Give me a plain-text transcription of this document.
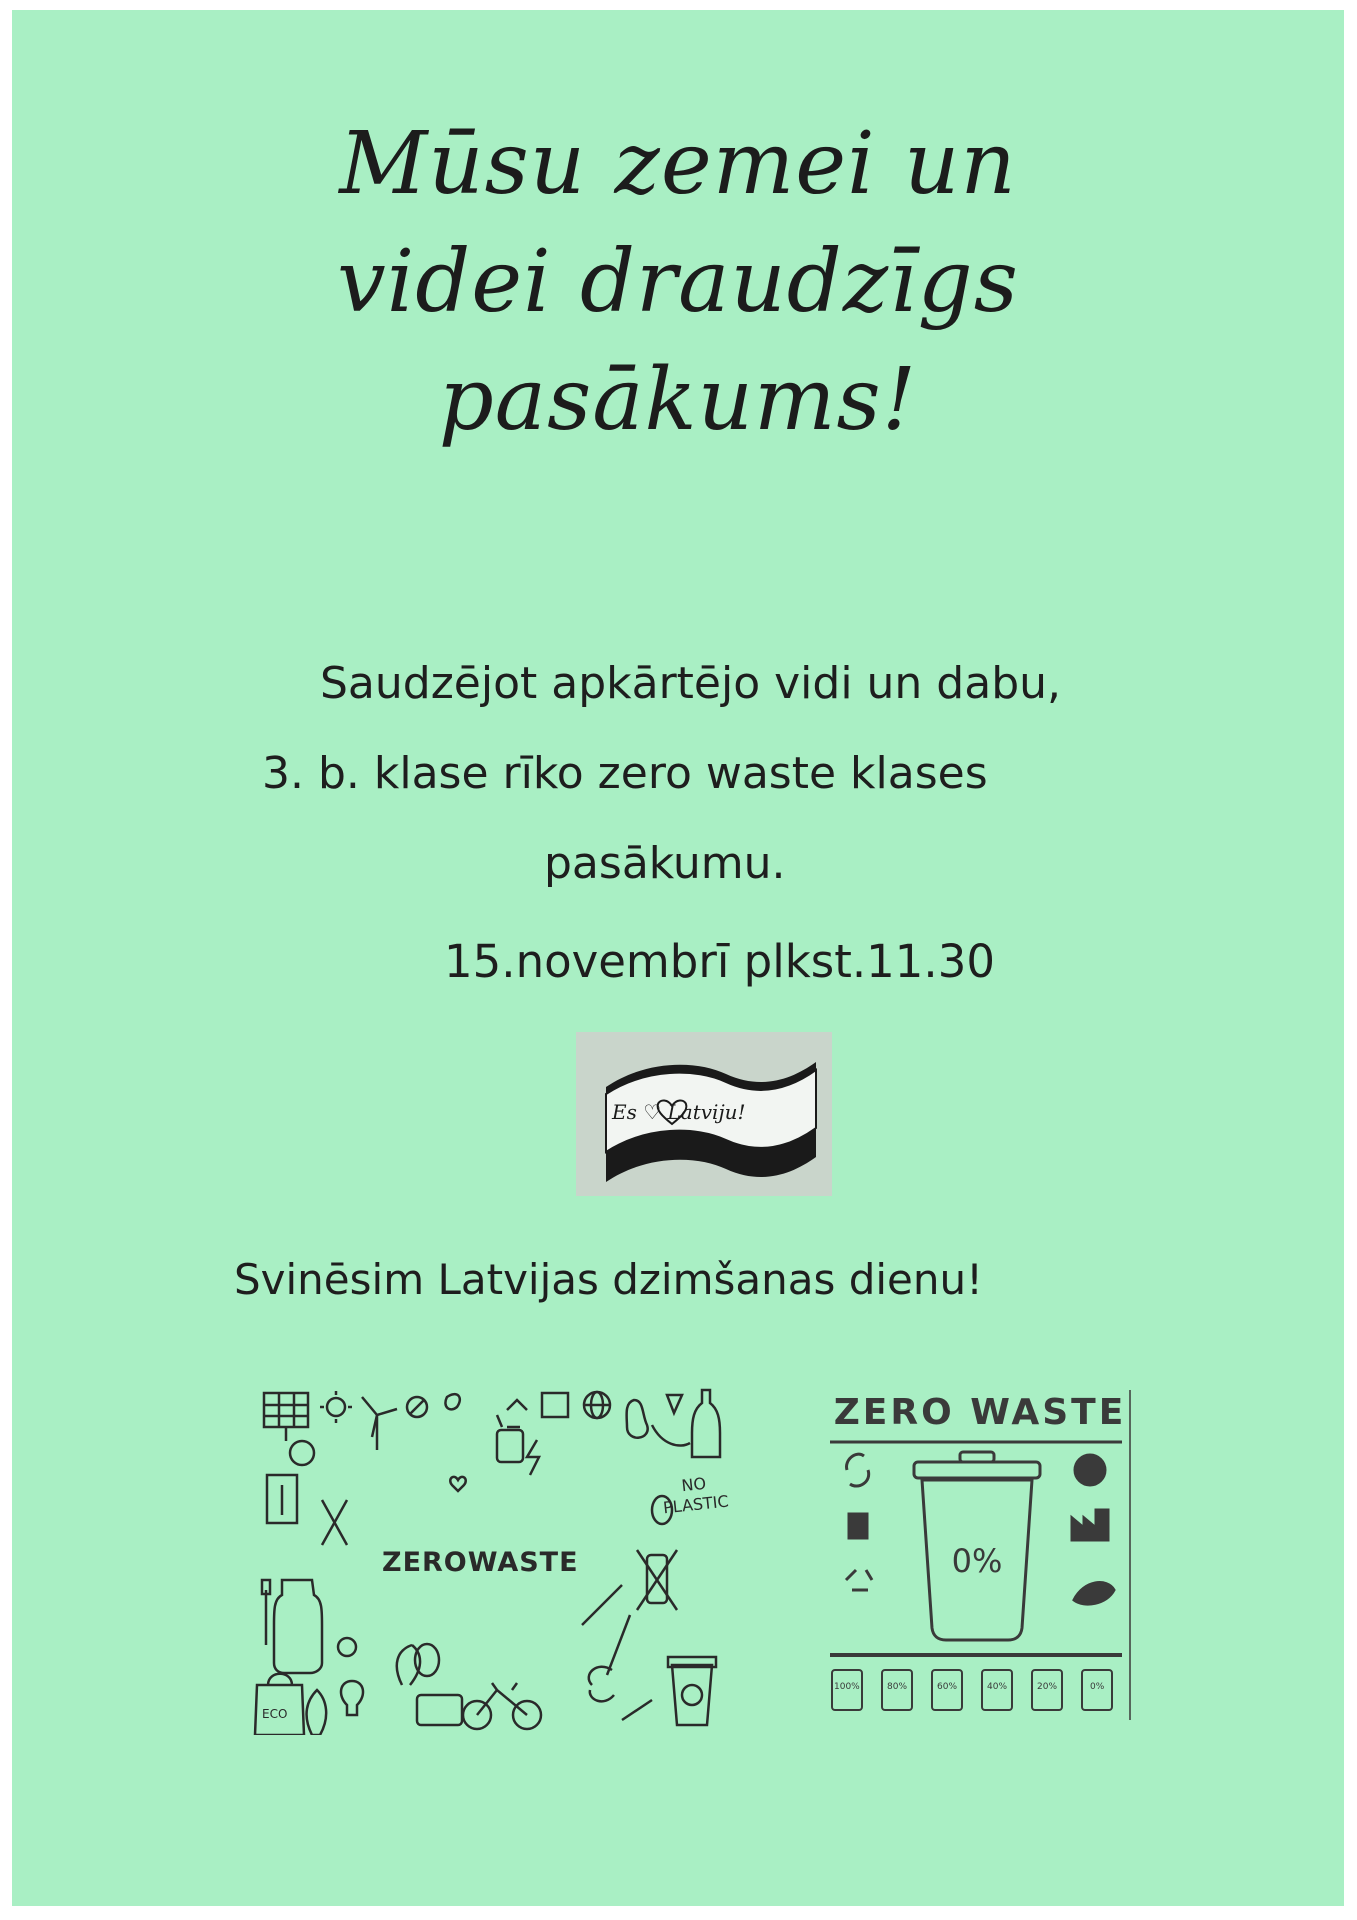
Mūsu zemei un
videi draudzīgs
pasākums!
Saudzējot apkārtējo vidi un dabu,
3. b. klase rīko zero waste klases
pasākumu.
15.novembrī plkst.11.30
Es ♡ Latviju!
Svinēsim Latvijas dzimšanas dienu!
ZEROWASTE
NO
PLASTIC
ECO
ZERO WASTE
0%
100%	80%	60%	40%	20%	0%
